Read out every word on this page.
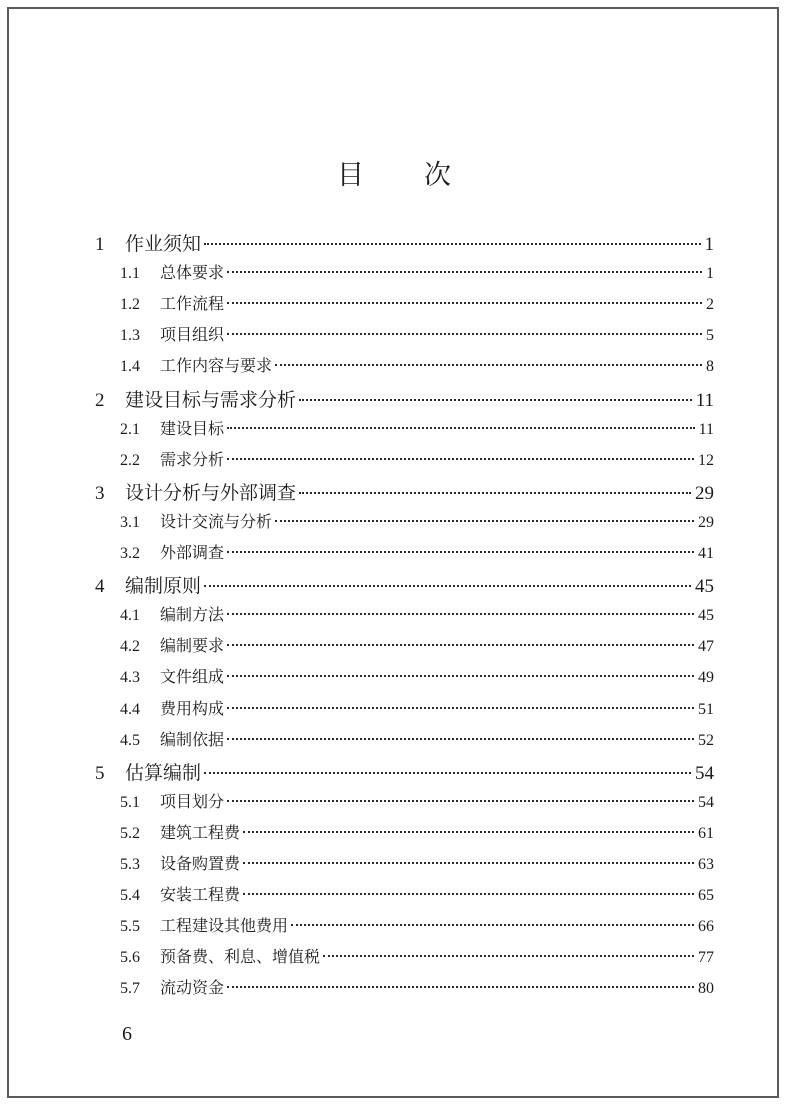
目 次
1	作业须知	1
1.1	总体要求	1
1.2	工作流程	2
1.3	项目组织	5
1.4	工作内容与要求	8
2	建设目标与需求分析	11
2.1	建设目标	11
2.2	需求分析	12
3	设计分析与外部调查	29
3.1	设计交流与分析	29
3.2	外部调查	41
4	编制原则	45
4.1	编制方法	45
4.2	编制要求	47
4.3	文件组成	49
4.4	费用构成	51
4.5	编制依据	52
5	估算编制	54
5.1	项目划分	54
5.2	建筑工程费	61
5.3	设备购置费	63
5.4	安装工程费	65
5.5	工程建设其他费用	66
5.6	预备费、利息、增值税	77
5.7	流动资金	80
6
